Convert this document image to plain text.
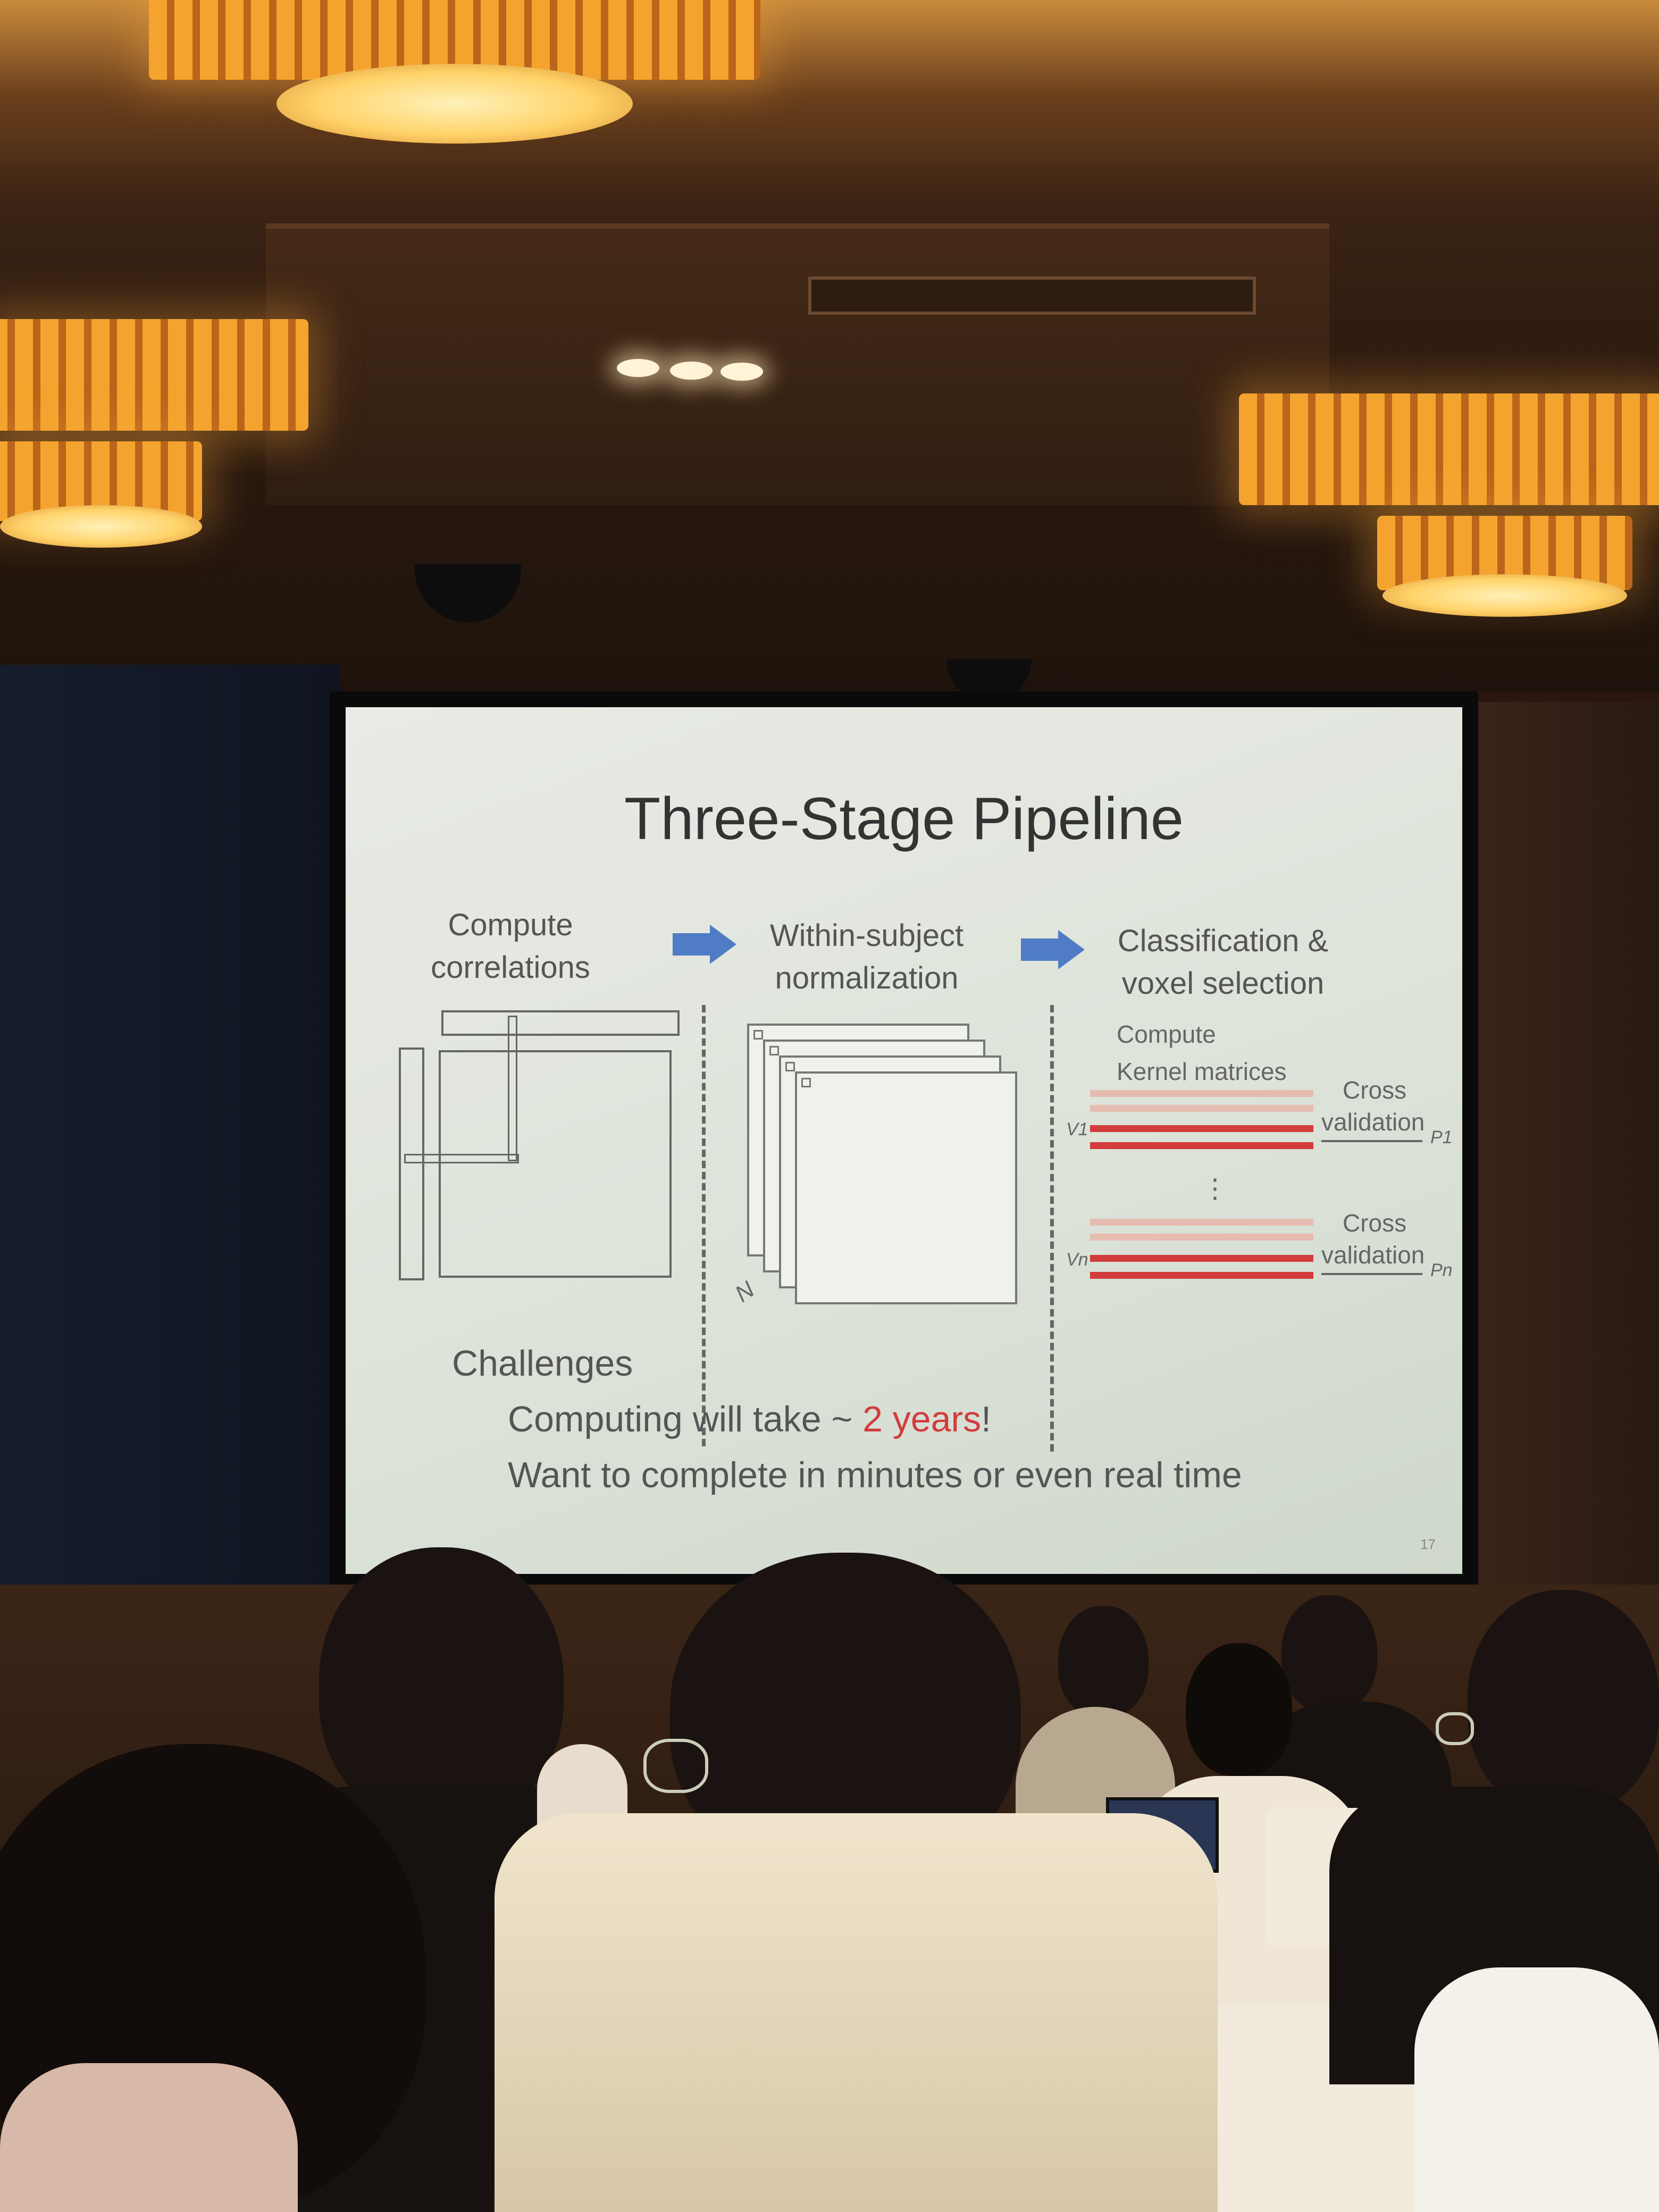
Three-Stage Pipeline
Compute
correlations
Within-subject
normalization
Classification &
voxel selection
N
Compute
Kernel matrices
V1
Cross
validation
P1
⋮
Vn
Cross
validation
Pn
Challenges
Computing will take ~ 2 years!
Want to complete in minutes or even real time
17
